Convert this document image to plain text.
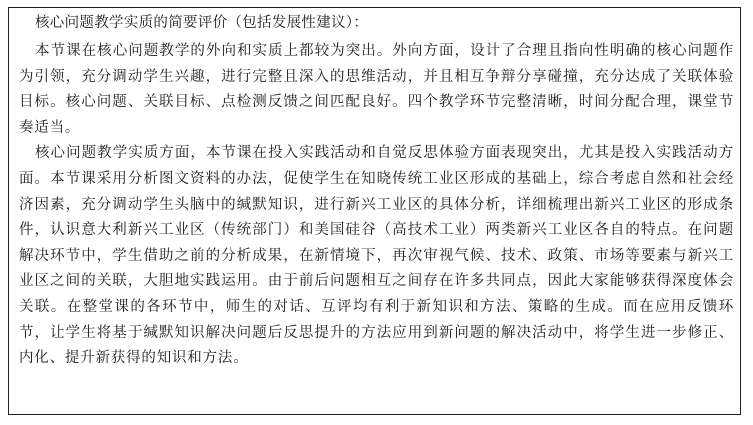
核心问题教学实质的简要评价（包括发展性建议）：

本节课在核心问题教学的外向和实质上都较为突出。外向方面，设计了合理且指向性明确的核心问题作为引领，充分调动学生兴趣，进行完整且深入的思维活动，并且相互争辩分享碰撞，充分达成了关联体验目标。核心问题、关联目标、点检测反馈之间匹配良好。四个教学环节完整清晰，时间分配合理，课堂节奏适当。

核心问题教学实质方面，本节课在投入实践活动和自觉反思体验方面表现突出，尤其是投入实践活动方面。本节课采用分析图文资料的办法，促使学生在知晓传统工业区形成的基础上，综合考虑自然和社会经济因素，充分调动学生头脑中的缄默知识，进行新兴工业区的具体分析，详细梳理出新兴工业区的形成条件，认识意大利新兴工业区（传统部门）和美国硅谷（高技术工业）两类新兴工业区各自的特点。在问题解决环节中，学生借助之前的分析成果，在新情境下，再次审视气候、技术、政策、市场等要素与新兴工业区之间的关联，大胆地实践运用。由于前后问题相互之间存在许多共同点，因此大家能够获得深度体会关联。在整堂课的各环节中，师生的对话、互评均有利于新知识和方法、策略的生成。而在应用反馈环节，让学生将基于缄默知识解决问题后反思提升的方法应用到新问题的解决活动中，将学生进一步修正、内化、提升新获得的知识和方法。
